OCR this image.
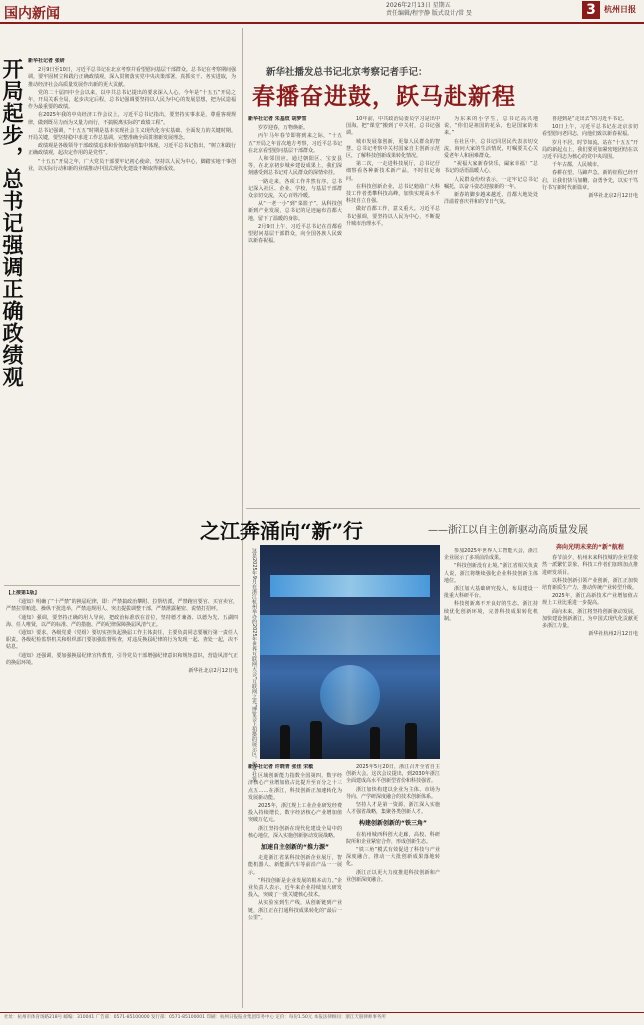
国内新闻
2026年2月13日 星期五
责任编辑/程宇静 版式设计/常 旻	3	杭州日报
开局起步，总书记强调正确政绩观 新华社记者 张研

2月9日至10日，习近平总书记在北京考察并看望慰问基层干部群众。总书记在考察期间强调，要牢固树立和践行正确政绩观，深入贯彻落实党中央决策部署，真抓实干、务实进取，为推动经济社会高质量发展作出新的更大贡献。

党的二十届四中全会以来，以中共总书记提出的要求深入人心。今年是“十五五”开局之年，开局关系全局，起步决定后程，总书记强调要坚持以人民为中心的发展思想，把为民造福作为最重要的政绩。

在2025年我的中央经济工作会议上，习近平总书记指出，要坚持实事求是，尊重客观规律，做到既尽力而为又量力而行，不搞脱离实际的“政绩工程”。

总书记强调，“十五五”时期是基本实现社会主义现代化夯实基础、全面发力的关键时期。开局关键，要坚持稳中求进工作总基调，完整准确全面贯彻新发展理念。

政绩观是各级领导干部政绩追求和价值取向的集中体现。习近平总书记指出，“树立和践行正确政绩观，起决定作用的是党性”。

“十五五”开局之年，广大党员干部要牢记初心使命，坚持以人民为中心，脚踏实地干事创业，以实际行动和新的业绩推动中国式现代化建设不断取得新成效。

【上接第1版】

《通知》明确了“十严禁”的换届纪律，即：严禁搞政治攀附、拉帮结派，严禁跑官要官、买官卖官，严禁拉票贿选、操纵干扰选举，严禁违规用人、突击提拔调整干部，严禁泄露秘密、说情打招呼。

《通知》强调，要坚持正确的用人导向，把政治标准放在首位，坚持德才兼备、以德为先、五湖四海、任人唯贤，以严的标准、严的措施、严的纪律保障换届风清气正。

《通知》要求，各级党委（党组）要切实担负起换届工作主体责任，主要负责同志要履行第一责任人职责。各级纪检监察机关和组织部门要加强监督检查，对违反换届纪律的行为发现一起、查处一起，决不姑息。

《通知》还强调，要加强换届纪律宣传教育，引导党员干部增强纪律意识和规矩意识，营造风清气正的换届环境。

新华社北京2月12日电
新华社播发总书记北京考察记者手记：
春播奋进鼓，跃马赴新程
新华社记者 朱基钗 胡梦雪

岁岁迎春，万物焕新。

丙午马年春节即将到来之际，“十五五”开局之年首次地方考察，习近平总书记在北京看望慰问基层干部群众。

人和邻国应。通过朝阳区、宝安县等，在北京初步城乡建设成果上，我们深刻感受到总书记对人民群众的深情牵挂。

一路走来，各项工作井然有序。总书记深入社区、企业、学校，与基层干部群众亲切交流，关心百姓冷暖。

从“一老一小”到“菜篮子”，从科技创新到产业发展，总书记的足迹遍布首都大地，留下了温暖的身影。

2月9日上午，习近平总书记在首都看望慰问基层干部群众，向全国各族人民致以新春祝福。

10年前，中共政治局委员学习是出中国海。把“课堂”搬到了中关村，总书记强调。

城市发展靠创新，更靠人民群众的智慧。总书记考察中关村国家自主创新示范区，了解科技创新成果转化情况。

第二次，一走进科技展厅，总书记仔细察看各种新技术新产品，不时驻足询问。

在科技创新企业，总书记勉励广大科技工作者勇攀科技高峰，加快实现高水平科技自立自强。

做好首都工作，意义重大。习近平总书记强调，要坚持以人民为中心，不断提升城市治理水平。

为东来的小学生，总书记高兴地说，“你们是祖国的花朵，也是国家的未来。”

在社区中，总书记同居民代表亲切交流，询问大家的生活情况，叮嘱要关心关爱老年人和困难群众。

“祝福大家新春快乐，阖家幸福！”总书记的话语温暖人心。

人民群众纷纷表示，一定牢记总书记嘱托，以奋斗姿态迎接新的一年。

新春的脚步越来越近，首都大地处处洋溢着喜庆祥和的节日气氛。

喜迎到是“走出去”的习近平书记。

10日上午，习近平总书记在北京亲切看望慰问老同志，向他们致以新春祝福。

岁月不居，时节如流。站在“十五五”开局的新起点上，我们要更加紧密地团结在以习近平同志为核心的党中央周围。

千年古都，人民城市。

春耕在望，马蹄声急。新的征程已经开启，让我们快马加鞭、奋勇争先，以实干笃行书写新时代新篇章。

新华社北京2月12日电
之江奔涌向“新”行	——浙江以自主创新驱动高质量发展
这是2025年9月在浙江杭州举办的2025年世界互联网大会“互联网之光”博览会上拍摄的展示区。新华社发
新华社记者 许晓青 张佳 宋敏

区域创新能力指数全国第四，数字经济核心产业增加值占比提升至百分之十三点五……在浙江，科技创新正加速转化为发展新动能。

2025年，浙江规上工业企业研发经费投入持续增长，数字经济核心产业增加值突破万亿元。

浙江坚持创新在现代化建设全局中的核心地位，深入实施创新驱动发展战略。

加速自主创新的“推力源”

走进浙江省某科技创新企业展厅，智能机器人、新能源汽车等前沿产品一一展示。

“科技创新是企业发展的根本动力。”企业负责人表示，近年来企业持续加大研发投入，突破了一批关键核心技术。

从实验室到生产线，从创新链到产业链，浙江正在打通科技成果转化的“最后一公里”。

2025年5月20日，浙江召开全省自主创新大会。这次会议提出，到2030年浙江全面建成高水平创新型省份和科技强省。

浙江加快构建以企业为主体、市场为导向、产学研深度融合的技术创新体系。

坚持人才是第一资源，浙江深入实施人才强省战略，集聚各类创新人才。

构建创新创新的“铁三角”

在杭州城西科创大走廊，高校、科研院所和企业紧密合作，形成创新生态。

“铁三角”模式有效促进了科技与产业深度融合，推动一大批创新成果落地转化。

浙江正以更大力度推进科技创新和产业创新深度融合。

参加2025年世界人工智能大会，浙江企业展示了多项前沿成果。

“科技创新没有止境。”浙江省相关负责人说，浙江将继续强化企业科技创新主体地位。

浙江加大基础研究投入，布局建设一批重大科研平台。

科技创新离不开良好的生态。浙江持续优化创新环境，完善科技成果转化机制。

奔向光明未来的“新”航程

春节前夕，杭州未来科技城的企业里依然一派繁忙景象，科技工作者们加班加点推进研发项目。

以科技创新引领产业创新，浙江正加快培育新质生产力，推动传统产业转型升级。

2025年，浙江高新技术产业增加值占规上工业比重进一步提高。

面向未来，浙江将坚持创新驱动发展，加快建设创新浙江，为中国式现代化贡献更多浙江力量。

新华社杭州2月12日电
社址：杭州市体育场路218号 邮编：310041 广告部：0571-85100000 发行部：0571-85100001 印刷：杭州日报报业集团印务中心 定价：每份1.50元 本报法律顾问：浙江天册律师事务所
